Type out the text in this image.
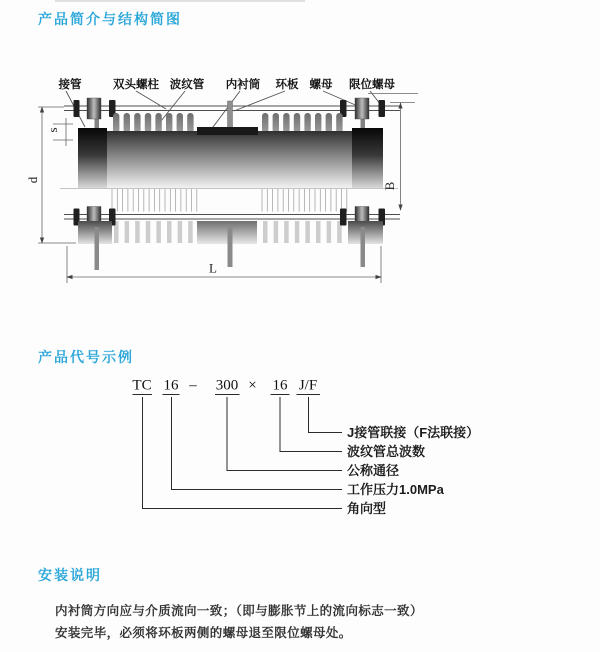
产品简介与结构简图
接管	双头螺柱 波纹管 内衬筒 环板 螺母 限位螺母
s
d
B
L
产品代号示例
TC 16 – 300 × 16 J/F
J接管联接（F法联接）
波纹管总波数
公称通径
工作压力1.0MPa
角向型
安装说明

内衬筒方向应与介质流向一致；（即与膨胀节上的流向标志一致）

安装完毕，必须将环板两侧的螺母退至限位螺母处。
